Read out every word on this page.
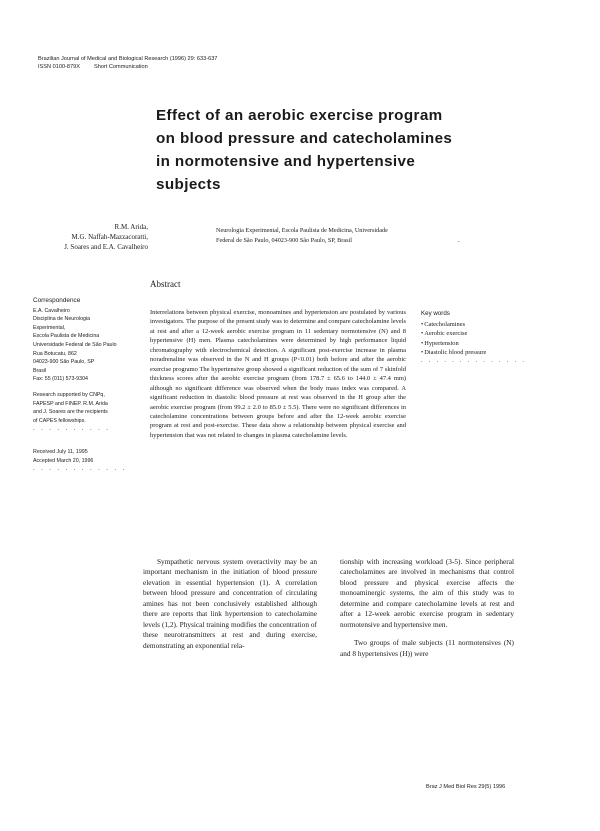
Brazilian Journal of Medical and Biological Research (1996) 29: 633-637
ISSN 0100-879X	Short Communication
Effect of an aerobic exercise program
on blood pressure and catecholamines
in normotensive and hypertensive
subjects
R.M. Arida,
M.G. Naffah-Mazzacoratti,
J. Soares and E.A. Cavalheiro
Neurologia Experimental, Escola Paulista de Medicina, Universidade
Federal de São Paulo, 04023-900 São Paulo, SP, Brasil	.
Abstract
Correspondence
E.A. Cavalheiro
Disciplina de Neurologia
Experimental,
Escola Paulista de Medicina
Universidade Federal de São Paulo
Rua Botucatu, 862
04023-900 São Paulo, SP
Brasil
Fax: 55 (011) 573-9304
Research supported by CNPq,
FAPESP and FINEP. R.M. Arida
and J. Soares are the recipients
of CAPES fellowships.
. . . . . . . . . .
Received July 11, 1995
Accepted March 20, 1996
. . . . . . . . . . . .
Interrelations between physical exercise, monoamines and hypertension are postulated by various investigators. The purpose of the present study was to determine and compare catecholamine levels at rest and after a 12-week aerobic exercise program in 11 sedentary normotensive (N) and 8 hypertensive (H) men. Plasma catecholamines were determined by high performance liquid chromatography with electrochemical detection. A significant post-exercise increase in plasma noradrenaline was observed in the N and H groups (P<0.01) both before and after the aerobic exercise programo The hypertensive group showed a significant reduction of the sum of 7 skinfold thickness scores after the aerobic exercise program (from 178.7 ± 65.6 to 144.0 ± 47.4 mm) although no significant difference was observed when the body mass index was compared. A significant reduction in diastolic blood pressure at rest was observed in the H group after the aerobic exercise program (from 99.2 ± 2.0 to 85.0 ± 5.5). There were no significant differences in catecholamine concentrations between groups before and after the 12-week aerobic exercise program at rest and post-exercise. These data show a relationship between physical exercise and hypertension that was not related to changes in plasma catecholamine levels.
Key words
• Catecholamines
• Aerobic exercise
• Hypertension
• Diastolic blood pressure
. . . . . . . . . . . . . .

Sympathetic nervous system overactivity may be an important mechanism in the initiation of blood pressure elevation in essential hypertension (1). A correlation between blood pressure and concentration of circulating amines has not been conclusively established although there are reports that link hypertension to catecholamine levels (1,2). Physical training modifies the concentration of these neurotransmitters at rest and during exercise, demonstrating an exponential rela-

tionship with increasing workload (3-5). Since peripheral catecholamines are involved in mechanisms that control blood pressure and physical exercise affects the monoaminergic systems, the aim of this study was to determine and compare catecholamine levels at rest and after a 12-week aerobic exercise program in sedentary normotensive and hypertensive men.

Two groups of male subjects (11 normotensives (N) and 8 hypertensives (H)) were

Braz J Med Biol Res 29(5) 1996
